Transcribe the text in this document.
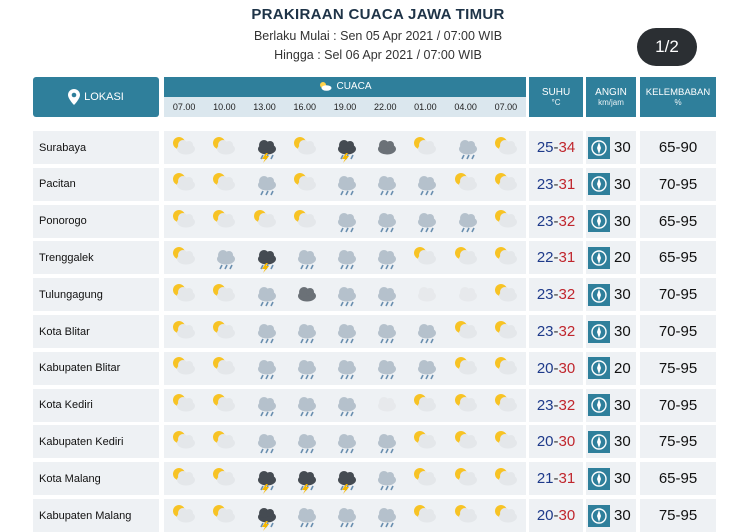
PRAKIRAAN CUACA JAWA TIMUR
Berlaku Mulai : Sen 05 Apr 2021 / 07:00 WIB
Hingga : Sel 06 Apr 2021 / 07:00 WIB	1/2
LOKASI
CUACA
07.00	10.00	13.00	16.00	19.00	22.00	01.00	04.00	07.00
SUHU
°C
ANGIN
km/jam
KELEMBABAN
%
Surabaya	25 - 34	30	65-90
Pacitan	23 - 31	30	70-95
Ponorogo	23 - 32	30	65-95
Trenggalek	22 - 31	20	65-95
Tulungagung	23 - 32	30	70-95
Kota Blitar	23 - 32	30	70-95
Kabupaten Blitar	20 - 30	20	75-95
Kota Kediri	23 - 32	30	70-95
Kabupaten Kediri	20 - 30	30	75-95
Kota Malang	21 - 31	30	65-95
Kabupaten Malang	20 - 30	30	75-95
